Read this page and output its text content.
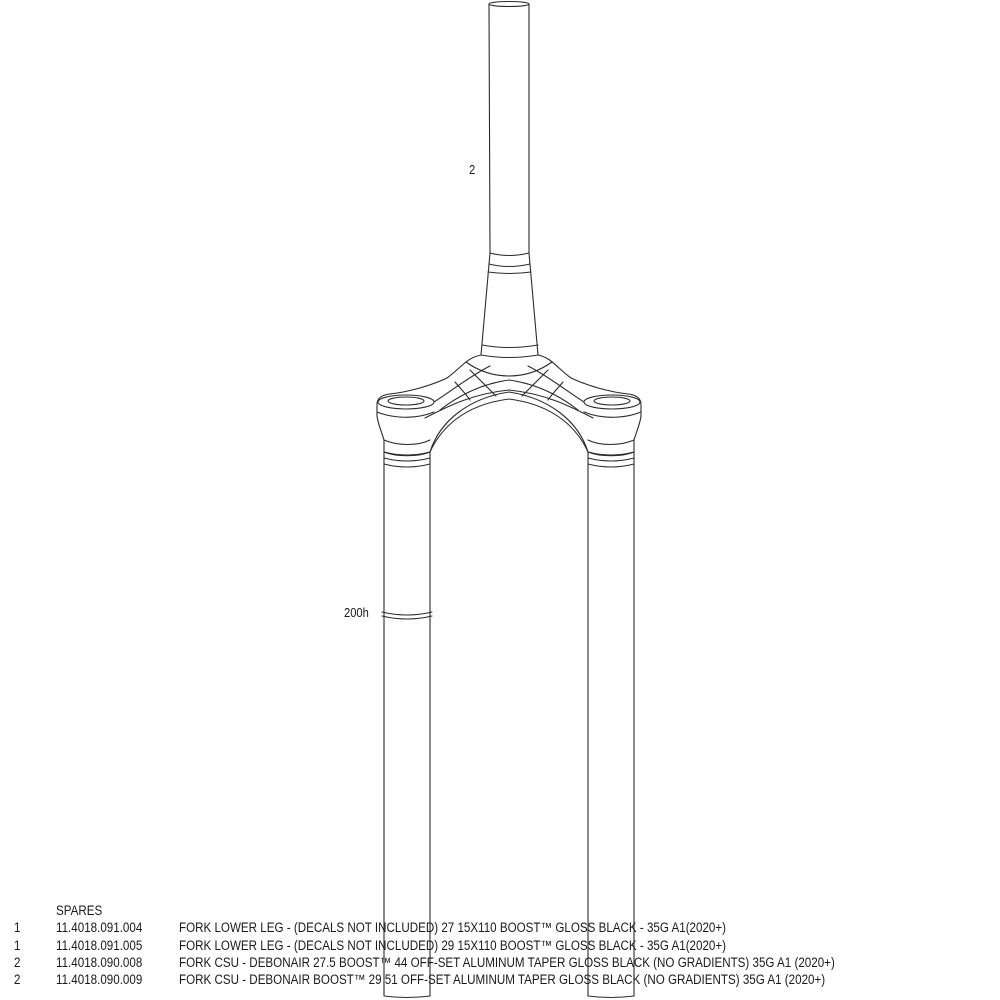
2
200h
SPARES
1	11.4018.091.004	FORK LOWER LEG - (DECALS NOT INCLUDED) 27 15X110 BOOST™ GLOSS BLACK - 35G A1(2020+)
1	11.4018.091.005	FORK LOWER LEG - (DECALS NOT INCLUDED) 29 15X110 BOOST™ GLOSS BLACK - 35G A1(2020+)
2	11.4018.090.008	FORK CSU - DEBONAIR 27.5 BOOST™ 44 OFF-SET ALUMINUM TAPER GLOSS BLACK (NO GRADIENTS) 35G A1 (2020+)
2	11.4018.090.009	FORK CSU - DEBONAIR BOOST™ 29 51 OFF-SET ALUMINUM TAPER GLOSS BLACK (NO GRADIENTS) 35G A1 (2020+)
